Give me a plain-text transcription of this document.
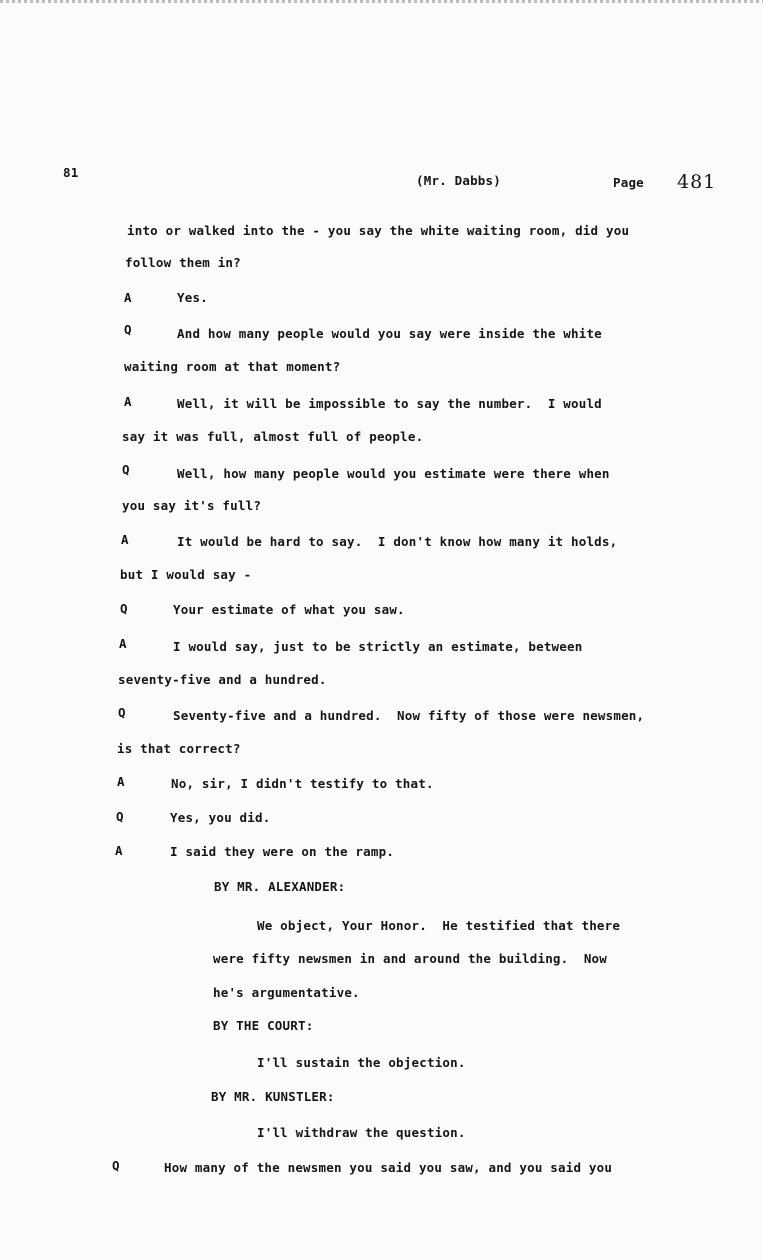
81
(Mr. Dabbs)	Page 481
into or walked into the - you say the white waiting room, did you
follow them in?
A	Yes.
Q	And how many people would you say were inside the white
waiting room at that moment?
A	Well, it will be impossible to say the number.  I would
say it was full, almost full of people.
Q	Well, how many people would you estimate were there when
you say it's full?
A	It would be hard to say.  I don't know how many it holds,
but I would say -
Q	Your estimate of what you saw.
A	I would say, just to be strictly an estimate, between
seventy-five and a hundred.
Q	Seventy-five and a hundred.  Now fifty of those were newsmen,
is that correct?
A	No, sir, I didn't testify to that.
Q	Yes, you did.
A	I said they were on the ramp.
BY MR. ALEXANDER:
We object, Your Honor.  He testified that there
were fifty newsmen in and around the building.  Now
he's argumentative.
BY THE COURT:
I'll sustain the objection.
BY MR. KUNSTLER:
I'll withdraw the question.
Q	How many of the newsmen you said you saw, and you said you
